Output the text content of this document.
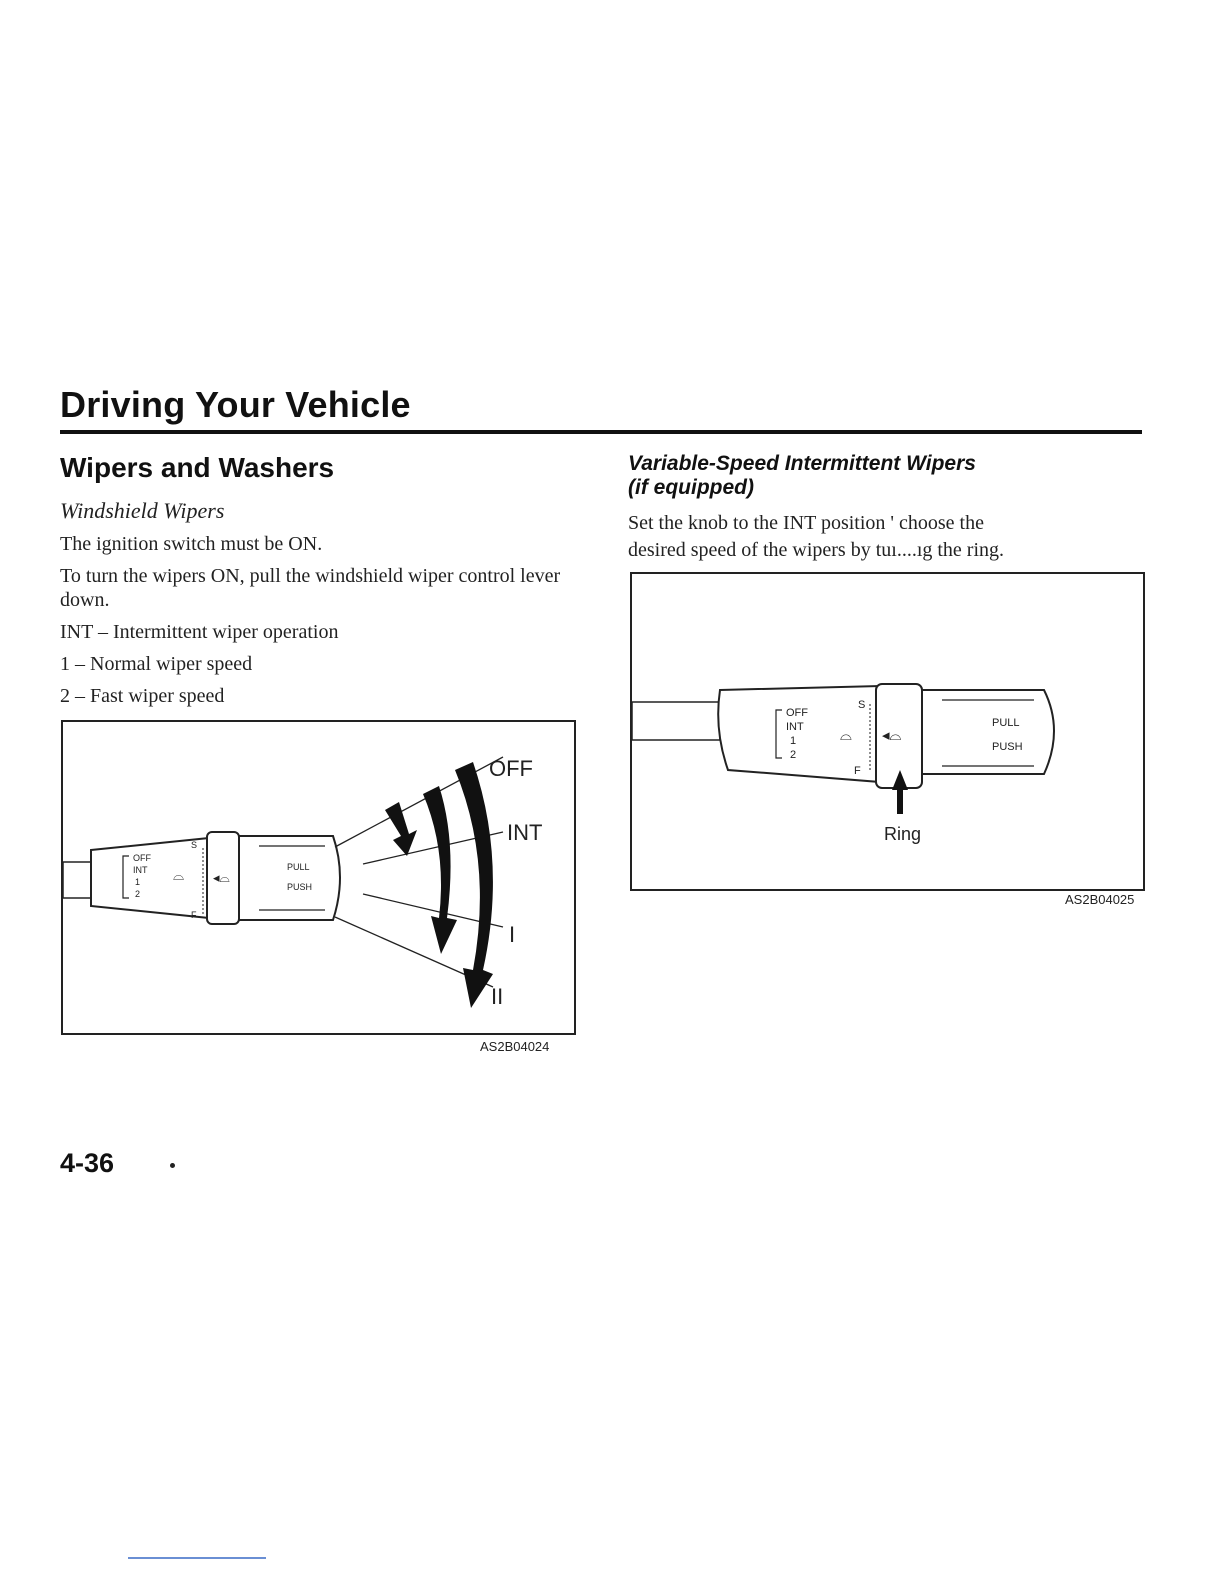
Driving Your Vehicle
Wipers and Washers
Windshield Wipers

The ignition switch must be ON.

To turn the wipers ON, pull the windshield wiper control lever down.

INT – Intermittent wiper operation

1 – Normal wiper speed

2 – Fast wiper speed

Variable-Speed Intermittent Wipers
(if equipped)
Set the knob to the INT position ' choose the
desired speed of the wipers by tuı....ıg the ring.
OFF
INT
1
2
⌓
S
F
◂⌓
PULL
PUSH
OFF
INT
I
II
AS2B04024
OFF
INT
1
2
⌓
S
F
◂⌓
PULL
PUSH
Ring
AS2B04025
4-36
